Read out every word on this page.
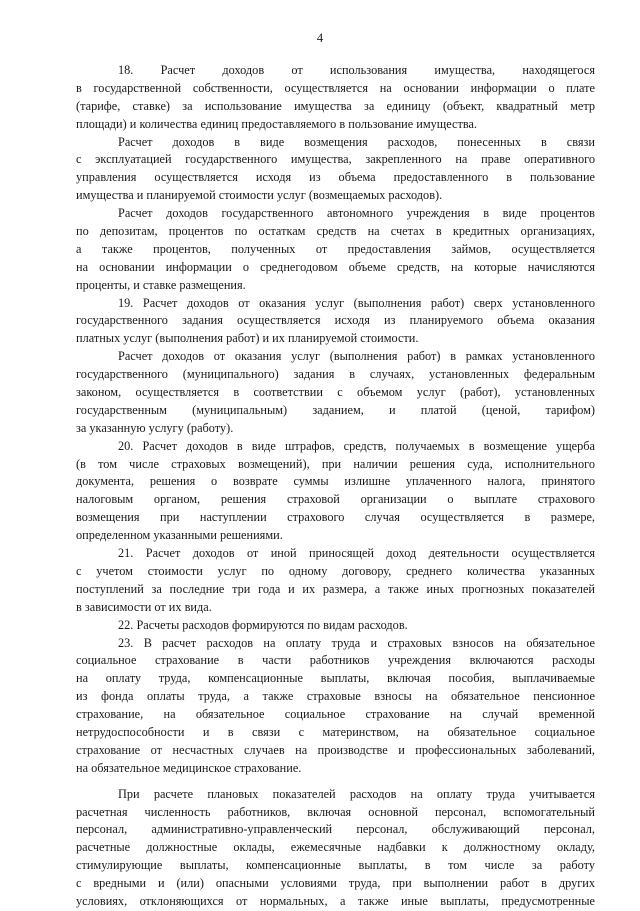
4
18. Расчет доходов от использования имущества, находящегося
в государственной собственности, осуществляется на основании информации о плате
(тарифе, ставке) за использование имущества за единицу (объект, квадратный метр
площади) и количества единиц предоставляемого в пользование имущества.
Расчет доходов в виде возмещения расходов, понесенных в связи
с эксплуатацией государственного имущества, закрепленного на праве оперативного
управления осуществляется исходя из объема предоставленного в пользование
имущества и планируемой стоимости услуг (возмещаемых расходов).
Расчет доходов государственного автономного учреждения в виде процентов
по депозитам, процентов по остаткам средств на счетах в кредитных организациях,
а также процентов, полученных от предоставления займов, осуществляется
на основании информации о среднегодовом объеме средств, на которые начисляются
проценты, и ставке размещения.
19. Расчет доходов от оказания услуг (выполнения работ) сверх установленного
государственного задания осуществляется исходя из планируемого объема оказания
платных услуг (выполнения работ) и их планируемой стоимости.
Расчет доходов от оказания услуг (выполнения работ) в рамках установленного
государственного (муниципального) задания в случаях, установленных федеральным
законом, осуществляется в соответствии с объемом услуг (работ), установленных
государственным (муниципальным) заданием, и платой (ценой, тарифом)
за указанную услугу (работу).
20. Расчет доходов в виде штрафов, средств, получаемых в возмещение ущерба
(в том числе страховых возмещений), при наличии решения суда, исполнительного
документа, решения о возврате суммы излишне уплаченного налога, принятого
налоговым органом, решения страховой организации о выплате страхового
возмещения при наступлении страхового случая осуществляется в размере,
определенном указанными решениями.
21. Расчет доходов от иной приносящей доход деятельности осуществляется
с учетом стоимости услуг по одному договору, среднего количества указанных
поступлений за последние три года и их размера, а также иных прогнозных показателей
в зависимости от их вида.
22. Расчеты расходов формируются по видам расходов.
23. В расчет расходов на оплату труда и страховых взносов на обязательное
социальное страхование в части работников учреждения включаются расходы
на оплату труда, компенсационные выплаты, включая пособия, выплачиваемые
из фонда оплаты труда, а также страховые взносы на обязательное пенсионное
страхование, на обязательное социальное страхование на случай временной
нетрудоспособности и в связи с материнством, на обязательное социальное
страхование от несчастных случаев на производстве и профессиональных заболеваний,
на обязательное медицинское страхование.
При расчете плановых показателей расходов на оплату труда учитывается
расчетная численность работников, включая основной персонал, вспомогательный
персонал, административно-управленческий персонал, обслуживающий персонал,
расчетные должностные оклады, ежемесячные надбавки к должностному окладу,
стимулирующие выплаты, компенсационные выплаты, в том числе за работу
с вредными и (или) опасными условиями труда, при выполнении работ в других
условиях, отклоняющихся от нормальных, а также иные выплаты, предусмотренные
